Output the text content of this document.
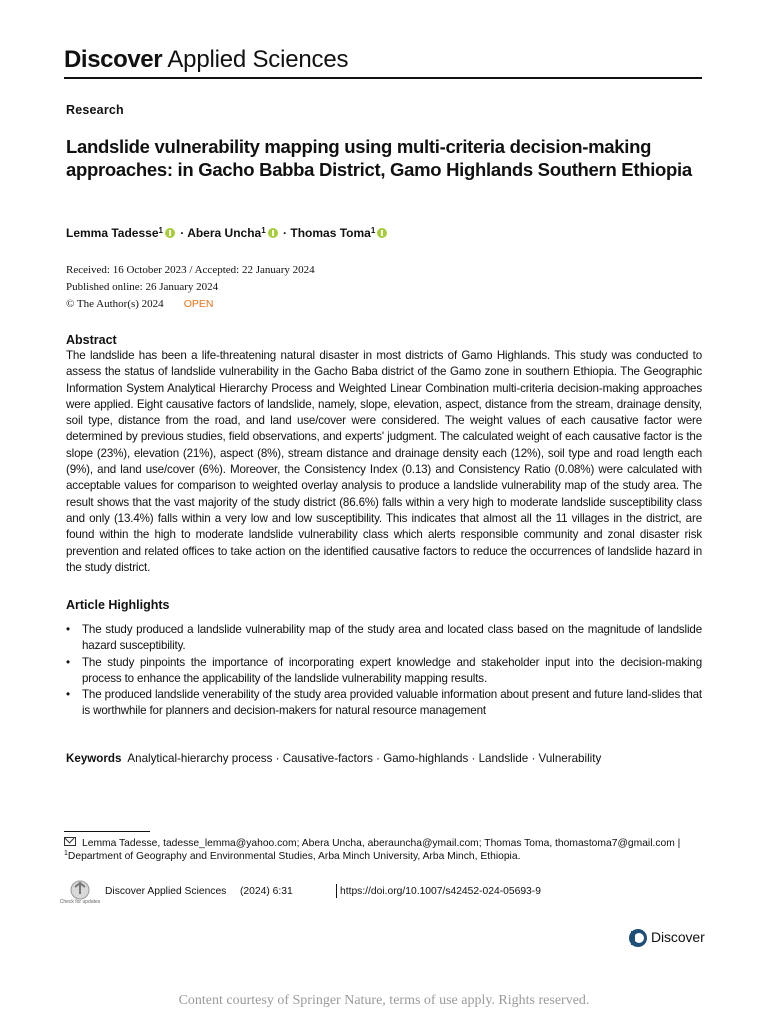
Discover Applied Sciences
Research
Landslide vulnerability mapping using multi-criteria decision-making approaches: in Gacho Babba District, Gamo Highlands Southern Ethiopia
Lemma Tadesse$^1$ · Abera Uncha$^1$ · Thomas Toma$^1$
Received: 16 October 2023 / Accepted: 22 January 2024
Published online: 26 January 2024
© The Author(s) 2024 OPEN
Abstract
The landslide has been a life-threatening natural disaster in most districts of Gamo Highlands. This study was conducted to assess the status of landslide vulnerability in the Gacho Baba district of the Gamo zone in southern Ethiopia. The Geographic Information System Analytical Hierarchy Process and Weighted Linear Combination multi-criteria decision-making approaches were applied. Eight causative factors of landslide, namely, slope, elevation, aspect, distance from the stream, drainage density, soil type, distance from the road, and land use/cover were considered. The weight values of each causative factor were determined by previous studies, field observations, and experts' judgment. The calculated weight of each causative factor is the slope (23%), elevation (21%), aspect (8%), stream distance and drainage density each (12%), soil type and road length each (9%), and land use/cover (6%). Moreover, the Consistency Index (0.13) and Consistency Ratio (0.08%) were calculated with acceptable values for comparison to weighted overlay analysis to produce a landslide vulnerability map of the study area. The result shows that the vast majority of the study district (86.6%) falls within a very high to moderate landslide susceptibility class and only (13.4%) falls within a very low and low susceptibility. This indicates that almost all the 11 villages in the district, are found within the high to moderate landslide vulnerability class which alerts responsible community and zonal disaster risk prevention and related offices to take action on the identified causative factors to reduce the occurrences of landslide hazard in the study district.
Article Highlights
• The study produced a landslide vulnerability map of the study area and located class based on the magnitude of landslide hazard susceptibility.
• The study pinpoints the importance of incorporating expert knowledge and stakeholder input into the decision-making process to enhance the applicability of the landslide vulnerability mapping results.
• The produced landslide venerability of the study area provided valuable information about present and future land-slides that is worthwhile for planners and decision-makers for natural resource management
Keywords Analytical-hierarchy process · Causative-factors · Gamo-highlands · Landslide · Vulnerability
Lemma Tadesse, tadesse_lemma@yahoo.com; Abera Uncha, aberauncha@ymail.com; Thomas Toma, thomastoma7@gmail.com |
$^1$Department of Geography and Environmental Studies, Arba Minch University, Arba Minch, Ethiopia.
Check for updates
Discover Applied Sciences (2024) 6:31	https://doi.org/10.1007/s42452-024-05693-9
Discover
Content courtesy of Springer Nature, terms of use apply. Rights reserved.
